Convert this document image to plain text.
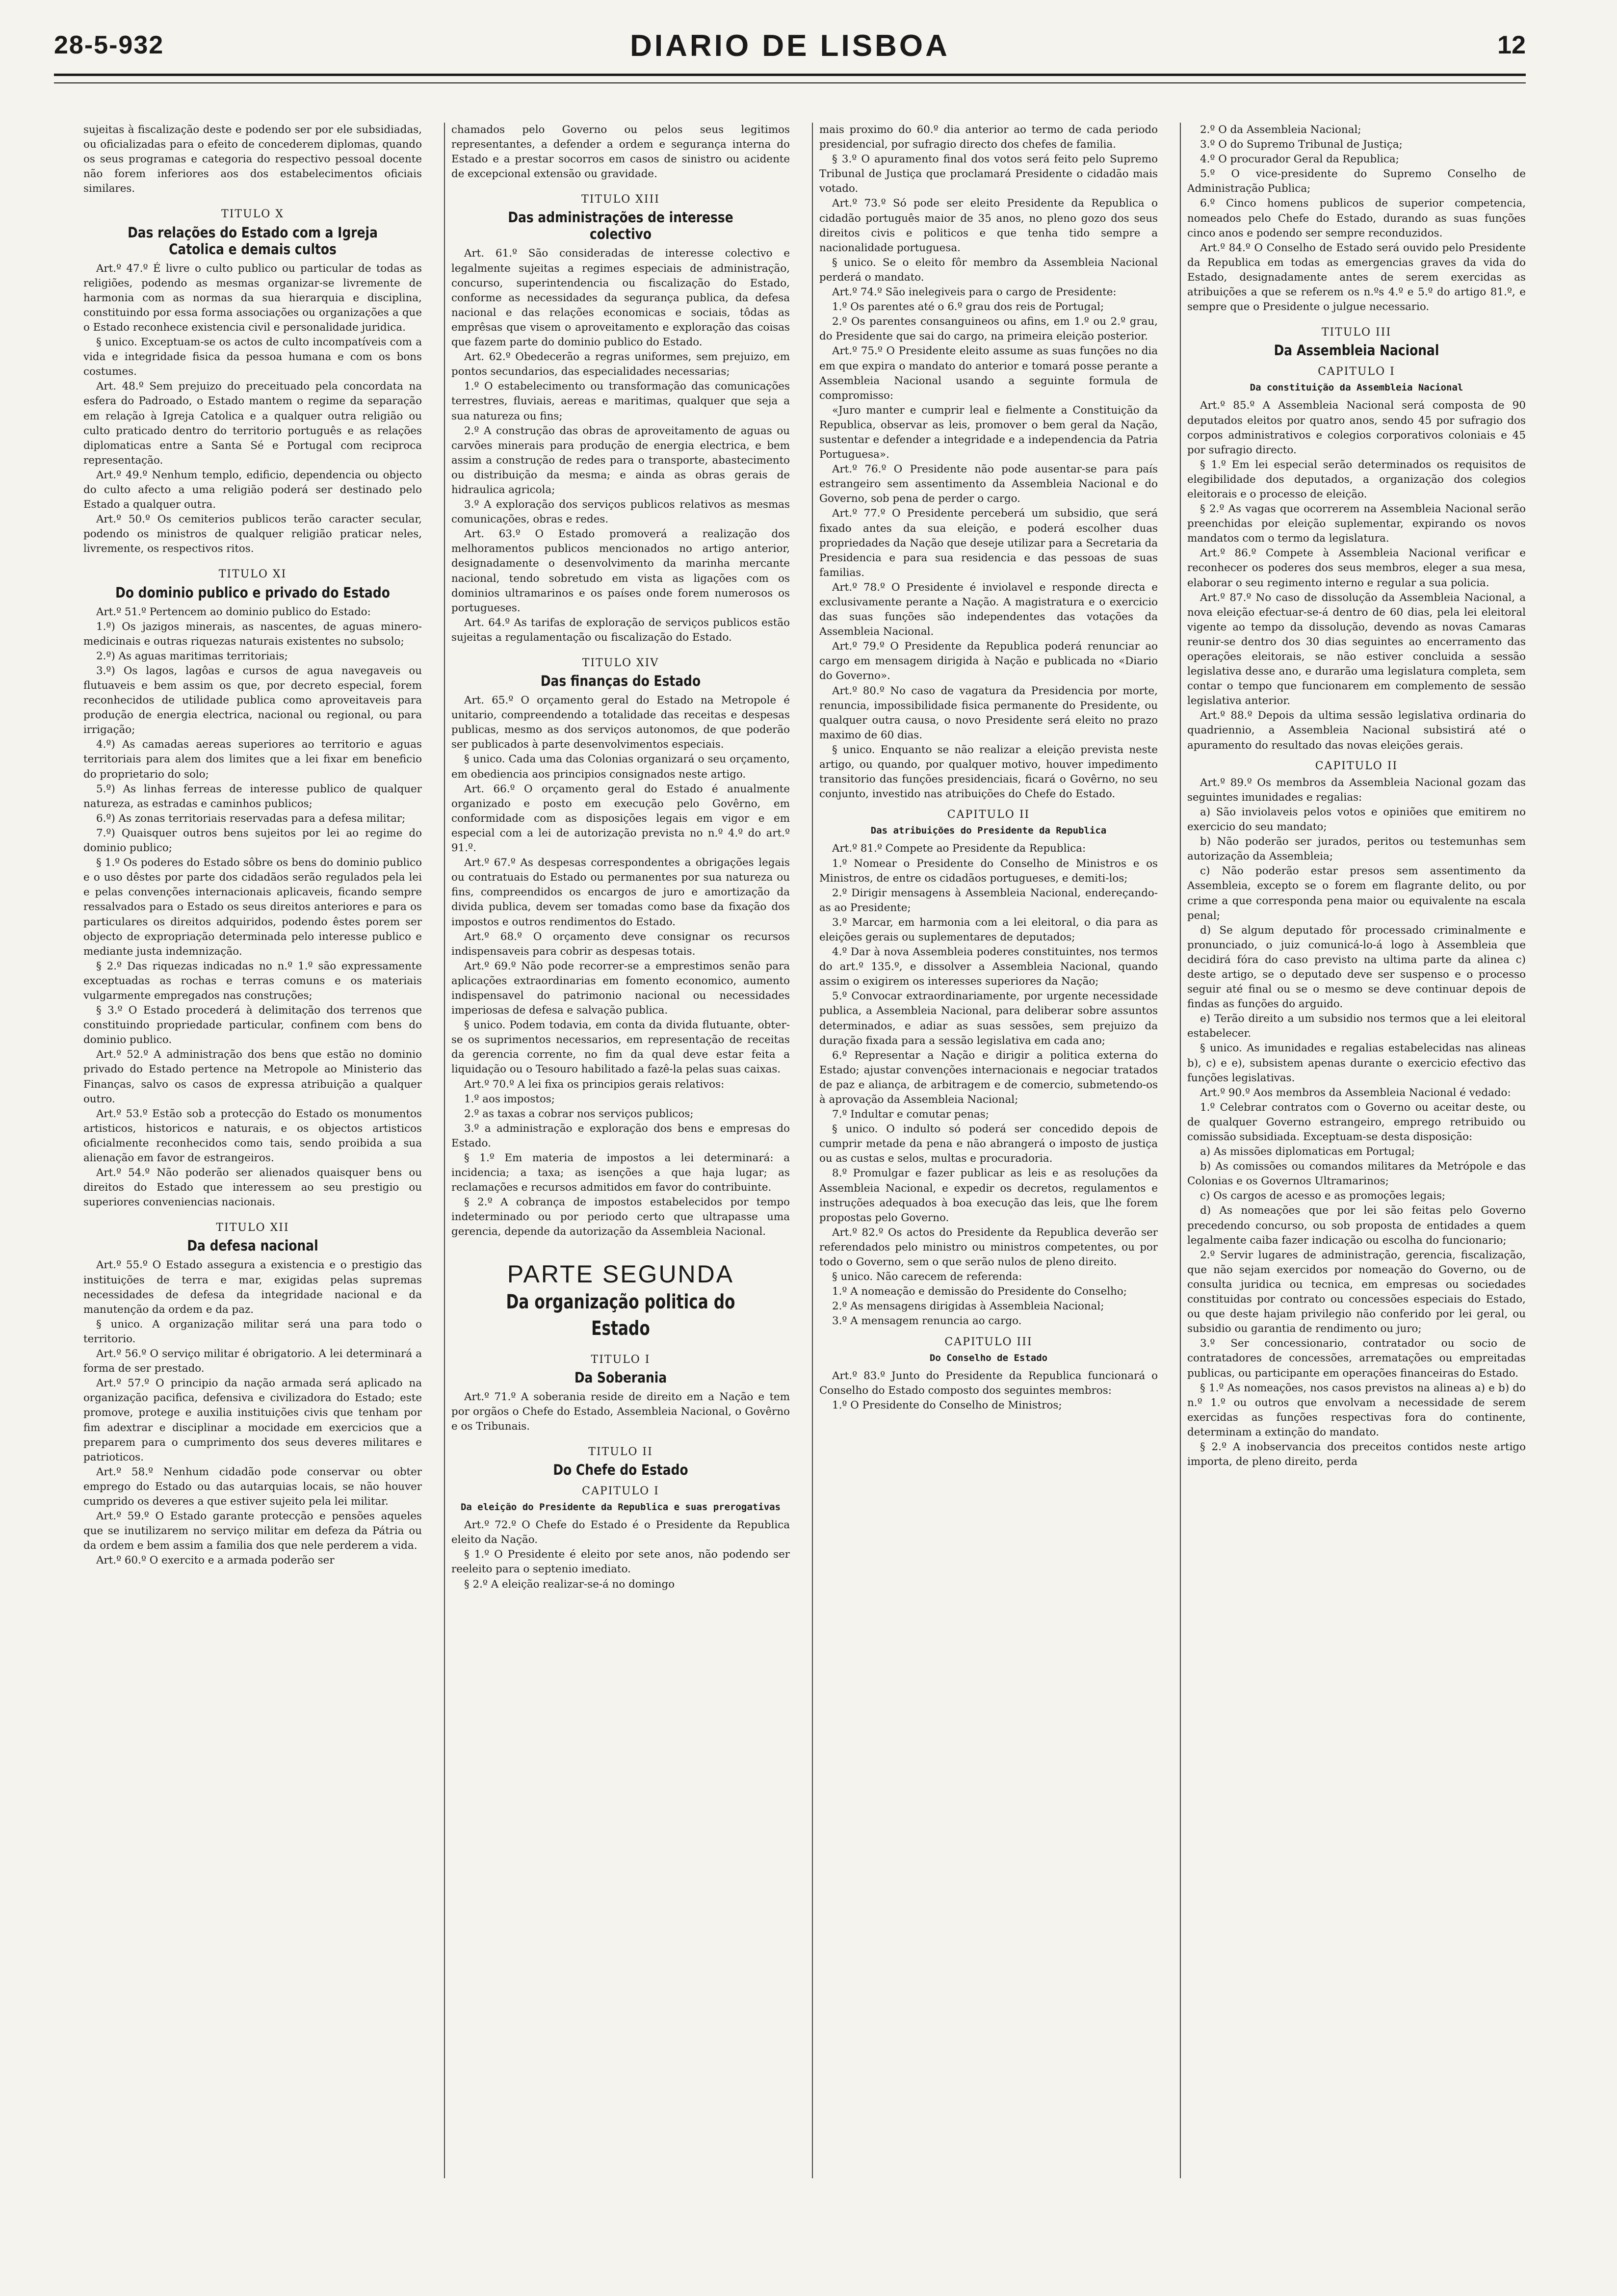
28-5-932	DIARIO DE LISBOA	12

sujeitas à fiscalização deste e podendo ser por ele subsidiadas, ou oficializadas para o efeito de concederem diplomas, quando os seus programas e categoria do respectivo pessoal docente não forem inferiores aos dos estabelecimentos oficiais similares.

TITULO X

Das relações do Estado com a Igreja Catolica e demais cultos

Art.º 47.º É livre o culto publico ou particular de todas as religiões, podendo as mesmas organizar-se livremente de harmonia com as normas da sua hierarquia e disciplina, constituindo por essa forma associações ou organizações a que o Estado reconhece existencia civil e personalidade juridica.

§ unico. Exceptuam-se os actos de culto incompatíveis com a vida e integridade fisica da pessoa humana e com os bons costumes.

Art. 48.º Sem prejuizo do preceituado pela concordata na esfera do Padroado, o Estado mantem o regime da separação em relação à Igreja Catolica e a qualquer outra religião ou culto praticado dentro do territorio português e as relações diplomaticas entre a Santa Sé e Portugal com reciproca representação.

Art.º 49.º Nenhum templo, edificio, dependencia ou objecto do culto afecto a uma religião poderá ser destinado pelo Estado a qualquer outra.

Art.º 50.º Os cemiterios publicos terão caracter secular, podendo os ministros de qualquer religião praticar neles, livremente, os respectivos ritos.

TITULO XI

Do dominio publico e privado do Estado

Art.º 51.º Pertencem ao dominio publico do Estado:

1.º) Os jazigos minerais, as nascentes, de aguas minero-medicinais e outras riquezas naturais existentes no subsolo;

2.º) As aguas maritimas territoriais;

3.º) Os lagos, lagôas e cursos de agua navegaveis ou flutuaveis e bem assim os que, por decreto especial, forem reconhecidos de utilidade publica como aproveitaveis para produção de energia electrica, nacional ou regional, ou para irrigação;

4.º) As camadas aereas superiores ao territorio e aguas territoriais para alem dos limites que a lei fixar em beneficio do proprietario do solo;

5.º) As linhas ferreas de interesse publico de qualquer natureza, as estradas e caminhos publicos;

6.º) As zonas territoriais reservadas para a defesa militar;

7.º) Quaisquer outros bens sujeitos por lei ao regime do dominio publico;

§ 1.º Os poderes do Estado sôbre os bens do dominio publico e o uso dêstes por parte dos cidadãos serão regulados pela lei e pelas convenções internacionais aplicaveis, ficando sempre ressalvados para o Estado os seus direitos anteriores e para os particulares os direitos adquiridos, podendo êstes porem ser objecto de expropriação determinada pelo interesse publico e mediante justa indemnização.

§ 2.º Das riquezas indicadas no n.º 1.º são expressamente exceptuadas as rochas e terras comuns e os materiais vulgarmente empregados nas construções;

§ 3.º O Estado procederá à delimitação dos terrenos que constituindo propriedade particular, confinem com bens do dominio publico.

Art.º 52.º A administração dos bens que estão no dominio privado do Estado pertence na Metropole ao Ministerio das Finanças, salvo os casos de expressa atribuição a qualquer outro.

Art.º 53.º Estão sob a protecção do Estado os monumentos artisticos, historicos e naturais, e os objectos artisticos oficialmente reconhecidos como tais, sendo proibida a sua alienação em favor de estrangeiros.

Art.º 54.º Não poderão ser alienados quaisquer bens ou direitos do Estado que interessem ao seu prestigio ou superiores conveniencias nacionais.

TITULO XII

Da defesa nacional

Art.º 55.º O Estado assegura a existencia e o prestigio das instituições de terra e mar, exigidas pelas supremas necessidades de defesa da integridade nacional e da manutenção da ordem e da paz.

§ unico. A organização militar será una para todo o territorio.

Art.º 56.º O serviço militar é obrigatorio. A lei determinará a forma de ser prestado.

Art.º 57.º O principio da nação armada será aplicado na organização pacifica, defensiva e civilizadora do Estado; este promove, protege e auxilia instituições civis que tenham por fim adextrar e disciplinar a mocidade em exercicios que a preparem para o cumprimento dos seus deveres militares e patrioticos.

Art.º 58.º Nenhum cidadão pode conservar ou obter emprego do Estado ou das autarquias locais, se não houver cumprido os deveres a que estiver sujeito pela lei militar.

Art.º 59.º O Estado garante protecção e pensões aqueles que se inutilizarem no serviço militar em defeza da Pátria ou da ordem e bem assim a familia dos que nele perderem a vida.

Art.º 60.º O exercito e a armada poderão ser

chamados pelo Governo ou pelos seus legitimos representantes, a defender a ordem e segurança interna do Estado e a prestar socorros em casos de sinistro ou acidente de excepcional extensão ou gravidade.

TITULO XIII

Das administrações de interesse colectivo

Art. 61.º São consideradas de interesse colectivo e legalmente sujeitas a regimes especiais de administração, concurso, superintendencia ou fiscalização do Estado, conforme as necessidades da segurança publica, da defesa nacional e das relações economicas e sociais, tôdas as emprêsas que visem o aproveitamento e exploração das coisas que fazem parte do dominio publico do Estado.

Art. 62.º Obedecerão a regras uniformes, sem prejuizo, em pontos secundarios, das especialidades necessarias;

1.º O estabelecimento ou transformação das comunicações terrestres, fluviais, aereas e maritimas, qualquer que seja a sua natureza ou fins;

2.º A construção das obras de aproveitamento de aguas ou carvões minerais para produção de energia electrica, e bem assim a construção de redes para o transporte, abastecimento ou distribuição da mesma; e ainda as obras gerais de hidraulica agricola;

3.º A exploração dos serviços publicos relativos as mesmas comunicações, obras e redes.

Art. 63.º O Estado promoverá a realização dos melhoramentos publicos mencionados no artigo anterior, designadamente o desenvolvimento da marinha mercante nacional, tendo sobretudo em vista as ligações com os dominios ultramarinos e os países onde forem numerosos os portugueses.

Art. 64.º As tarifas de exploração de serviços publicos estão sujeitas a regulamentação ou fiscalização do Estado.

TITULO XIV

Das finanças do Estado

Art. 65.º O orçamento geral do Estado na Metropole é unitario, compreendendo a totalidade das receitas e despesas publicas, mesmo as dos serviços autonomos, de que poderão ser publicados à parte desenvolvimentos especiais.

§ unico. Cada uma das Colonias organizará o seu orçamento, em obediencia aos principios consignados neste artigo.

Art. 66.º O orçamento geral do Estado é anualmente organizado e posto em execução pelo Govêrno, em conformidade com as disposições legais em vigor e em especial com a lei de autorização prevista no n.º 4.º do art.º 91.º.

Art.º 67.º As despesas correspondentes a obrigações legais ou contratuais do Estado ou permanentes por sua natureza ou fins, compreendidos os encargos de juro e amortização da divida publica, devem ser tomadas como base da fixação dos impostos e outros rendimentos do Estado.

Art.º 68.º O orçamento deve consignar os recursos indispensaveis para cobrir as despesas totais.

Art.º 69.º Não pode recorrer-se a emprestimos senão para aplicações extraordinarias em fomento economico, aumento indispensavel do patrimonio nacional ou necessidades imperiosas de defesa e salvação publica.

§ unico. Podem todavia, em conta da divida flutuante, obter-se os suprimentos necessarios, em representação de receitas da gerencia corrente, no fim da qual deve estar feita a liquidação ou o Tesouro habilitado a fazê-la pelas suas caixas.

Art.º 70.º A lei fixa os principios gerais relativos:

1.º aos impostos;

2.º as taxas a cobrar nos serviços publicos;

3.º a administração e exploração dos bens e empresas do Estado.

§ 1.º Em materia de impostos a lei determinará: a incidencia; a taxa; as isenções a que haja lugar; as reclamações e recursos admitidos em favor do contribuinte.

§ 2.º A cobrança de impostos estabelecidos por tempo indeterminado ou por periodo certo que ultrapasse uma gerencia, depende da autorização da Assembleia Nacional.

PARTE SEGUNDA

Da organização politica do Estado

TITULO I

Da Soberania

Art.º 71.º A soberania reside de direito em a Nação e tem por orgãos o Chefe do Estado, Assembleia Nacional, o Govêrno e os Tribunais.

TITULO II

Do Chefe do Estado

CAPITULO I

Da eleição do Presidente da Republica e suas prerogativas

Art.º 72.º O Chefe do Estado é o Presidente da Republica eleito da Nação.

§ 1.º O Presidente é eleito por sete anos, não podendo ser reeleito para o septenio imediato.

§ 2.º A eleição realizar-se-á no domingo

mais proximo do 60.º dia anterior ao termo de cada periodo presidencial, por sufragio directo dos chefes de familia.

§ 3.º O apuramento final dos votos será feito pelo Supremo Tribunal de Justiça que proclamará Presidente o cidadão mais votado.

Art.º 73.º Só pode ser eleito Presidente da Republica o cidadão português maior de 35 anos, no pleno gozo dos seus direitos civis e politicos e que tenha tido sempre a nacionalidade portuguesa.

§ unico. Se o eleito fôr membro da Assembleia Nacional perderá o mandato.

Art.º 74.º São inelegiveis para o cargo de Presidente:

1.º Os parentes até o 6.º grau dos reis de Portugal;

2.º Os parentes consanguineos ou afins, em 1.º ou 2.º grau, do Presidente que sai do cargo, na primeira eleição posterior.

Art.º 75.º O Presidente eleito assume as suas funções no dia em que expira o mandato do anterior e tomará posse perante a Assembleia Nacional usando a seguinte formula de compromisso:

«Juro manter e cumprir leal e fielmente a Constituição da Republica, observar as leis, promover o bem geral da Nação, sustentar e defender a integridade e a independencia da Patria Portuguesa».

Art.º 76.º O Presidente não pode ausentar-se para país estrangeiro sem assentimento da Assembleia Nacional e do Governo, sob pena de perder o cargo.

Art.º 77.º O Presidente perceberá um subsidio, que será fixado antes da sua eleição, e poderá escolher duas propriedades da Nação que deseje utilizar para a Secretaria da Presidencia e para sua residencia e das pessoas de suas familias.

Art.º 78.º O Presidente é inviolavel e responde directa e exclusivamente perante a Nação. A magistratura e o exercicio das suas funções são independentes das votações da Assembleia Nacional.

Art.º 79.º O Presidente da Republica poderá renunciar ao cargo em mensagem dirigida à Nação e publicada no «Diario do Governo».

Art.º 80.º No caso de vagatura da Presidencia por morte, renuncia, impossibilidade fisica permanente do Presidente, ou qualquer outra causa, o novo Presidente será eleito no prazo maximo de 60 dias.

§ unico. Enquanto se não realizar a eleição prevista neste artigo, ou quando, por qualquer motivo, houver impedimento transitorio das funções presidenciais, ficará o Govêrno, no seu conjunto, investido nas atribuições do Chefe do Estado.

CAPITULO II

Das atribuições do Presidente da Republica

Art.º 81.º Compete ao Presidente da Republica:

1.º Nomear o Presidente do Conselho de Ministros e os Ministros, de entre os cidadãos portugueses, e demiti-los;

2.º Dirigir mensagens à Assembleia Nacional, endereçando-as ao Presidente;

3.º Marcar, em harmonia com a lei eleitoral, o dia para as eleições gerais ou suplementares de deputados;

4.º Dar à nova Assembleia poderes constituintes, nos termos do art.º 135.º, e dissolver a Assembleia Nacional, quando assim o exigirem os interesses superiores da Nação;

5.º Convocar extraordinariamente, por urgente necessidade publica, a Assembleia Nacional, para deliberar sobre assuntos determinados, e adiar as suas sessões, sem prejuizo da duração fixada para a sessão legislativa em cada ano;

6.º Representar a Nação e dirigir a politica externa do Estado; ajustar convenções internacionais e negociar tratados de paz e aliança, de arbitragem e de comercio, submetendo-os à aprovação da Assembleia Nacional;

7.º Indultar e comutar penas;

§ unico. O indulto só poderá ser concedido depois de cumprir metade da pena e não abrangerá o imposto de justiça ou as custas e selos, multas e procuradoria.

8.º Promulgar e fazer publicar as leis e as resoluções da Assembleia Nacional, e expedir os decretos, regulamentos e instruções adequados à boa execução das leis, que lhe forem propostas pelo Governo.

Art.º 82.º Os actos do Presidente da Republica deverão ser referendados pelo ministro ou ministros competentes, ou por todo o Governo, sem o que serão nulos de pleno direito.

§ unico. Não carecem de referenda:

1.º A nomeação e demissão do Presidente do Conselho;

2.º As mensagens dirigidas à Assembleia Nacional;

3.º A mensagem renuncia ao cargo.

CAPITULO III

Do Conselho de Estado

Art.º 83.º Junto do Presidente da Republica funcionará o Conselho do Estado composto dos seguintes membros:

1.º O Presidente do Conselho de Ministros;

2.º O da Assembleia Nacional;

3.º O do Supremo Tribunal de Justiça;

4.º O procurador Geral da Republica;

5.º O vice-presidente do Supremo Conselho de Administração Publica;

6.º Cinco homens publicos de superior competencia, nomeados pelo Chefe do Estado, durando as suas funções cinco anos e podendo ser sempre reconduzidos.

Art.º 84.º O Conselho de Estado será ouvido pelo Presidente da Republica em todas as emergencias graves da vida do Estado, designadamente antes de serem exercidas as atribuições a que se referem os n.ºs 4.º e 5.º do artigo 81.º, e sempre que o Presidente o julgue necessario.

TITULO III

Da Assembleia Nacional

CAPITULO I

Da constituição da Assembleia Nacional

Art.º 85.º A Assembleia Nacional será composta de 90 deputados eleitos por quatro anos, sendo 45 por sufragio dos corpos administrativos e colegios corporativos coloniais e 45 por sufragio directo.

§ 1.º Em lei especial serão determinados os requisitos de elegibilidade dos deputados, a organização dos colegios eleitorais e o processo de eleição.

§ 2.º As vagas que ocorrerem na Assembleia Nacional serão preenchidas por eleição suplementar, expirando os novos mandatos com o termo da legislatura.

Art.º 86.º Compete à Assembleia Nacional verificar e reconhecer os poderes dos seus membros, eleger a sua mesa, elaborar o seu regimento interno e regular a sua policia.

Art.º 87.º No caso de dissolução da Assembleia Nacional, a nova eleição efectuar-se-á dentro de 60 dias, pela lei eleitoral vigente ao tempo da dissolução, devendo as novas Camaras reunir-se dentro dos 30 dias seguintes ao encerramento das operações eleitorais, se não estiver concluida a sessão legislativa desse ano, e durarão uma legislatura completa, sem contar o tempo que funcionarem em complemento de sessão legislativa anterior.

Art.º 88.º Depois da ultima sessão legislativa ordinaria do quadriennio, a Assembleia Nacional subsistirá até o apuramento do resultado das novas eleições gerais.

CAPITULO II

Art.º 89.º Os membros da Assembleia Nacional gozam das seguintes imunidades e regalias:

a) São inviolaveis pelos votos e opiniões que emitirem no exercicio do seu mandato;

b) Não poderão ser jurados, peritos ou testemunhas sem autorização da Assembleia;

c) Não poderão estar presos sem assentimento da Assembleia, excepto se o forem em flagrante delito, ou por crime a que corresponda pena maior ou equivalente na escala penal;

d) Se algum deputado fôr processado criminalmente e pronunciado, o juiz comunicá-lo-á logo à Assembleia que decidirá fóra do caso previsto na ultima parte da alinea c) deste artigo, se o deputado deve ser suspenso e o processo seguir até final ou se o mesmo se deve continuar depois de findas as funções do arguido.

e) Terão direito a um subsidio nos termos que a lei eleitoral estabelecer.

§ unico. As imunidades e regalias estabelecidas nas alineas b), c) e e), subsistem apenas durante o exercicio efectivo das funções legislativas.

Art.º 90.º Aos membros da Assembleia Nacional é vedado:

1.º Celebrar contratos com o Governo ou aceitar deste, ou de qualquer Governo estrangeiro, emprego retribuido ou comissão subsidiada. Exceptuam-se desta disposição:

a) As missões diplomaticas em Portugal;

b) As comissões ou comandos militares da Metrópole e das Colonias e os Governos Ultramarinos;

c) Os cargos de acesso e as promoções legais;

d) As nomeações que por lei são feitas pelo Governo precedendo concurso, ou sob proposta de entidades a quem legalmente caiba fazer indicação ou escolha do funcionario;

2.º Servir lugares de administração, gerencia, fiscalização, que não sejam exercidos por nomeação do Governo, ou de consulta juridica ou tecnica, em empresas ou sociedades constituidas por contrato ou concessões especiais do Estado, ou que deste hajam privilegio não conferido por lei geral, ou subsidio ou garantia de rendimento ou juro;

3.º Ser concessionario, contratador ou socio de contratadores de concessões, arrematações ou empreitadas publicas, ou participante em operações financeiras do Estado.

§ 1.º As nomeações, nos casos previstos na alineas a) e b) do n.º 1.º ou outros que envolvam a necessidade de serem exercidas as funções respectivas fora do continente, determinam a extinção do mandato.

§ 2.º A inobservancia dos preceitos contidos neste artigo importa, de pleno direito, perda
